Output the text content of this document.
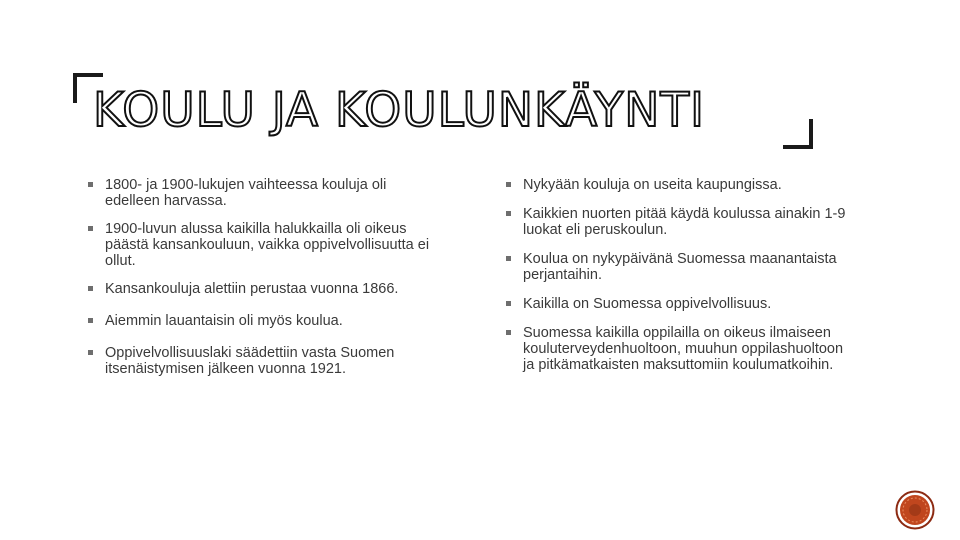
KOULU JA KOULUNKÄYNTI
1800- ja 1900-lukujen vaihteessa kouluja oli edelleen harvassa.
1900-luvun alussa kaikilla halukkailla oli oikeus päästä kansankouluun, vaikka oppivelvollisuutta ei ollut.
Kansankouluja alettiin perustaa vuonna 1866.
Aiemmin lauantaisin oli myös koulua.
Oppivelvollisuuslaki säädettiin vasta Suomen itsenäistymisen jälkeen vuonna 1921.
Nykyään kouluja on useita kaupungissa.
Kaikkien nuorten pitää käydä koulussa ainakin 1-9 luokat eli peruskoulun.
Koulua on nykypäivänä Suomessa maanantaista perjantaihin.
Kaikilla on Suomessa oppivelvollisuus.
Suomessa kaikilla oppilailla on oikeus ilmaiseen kouluterveydenhuoltoon, muuhun oppilashuoltoon ja pitkämatkaisten maksuttomiin koulumatkoihin.
